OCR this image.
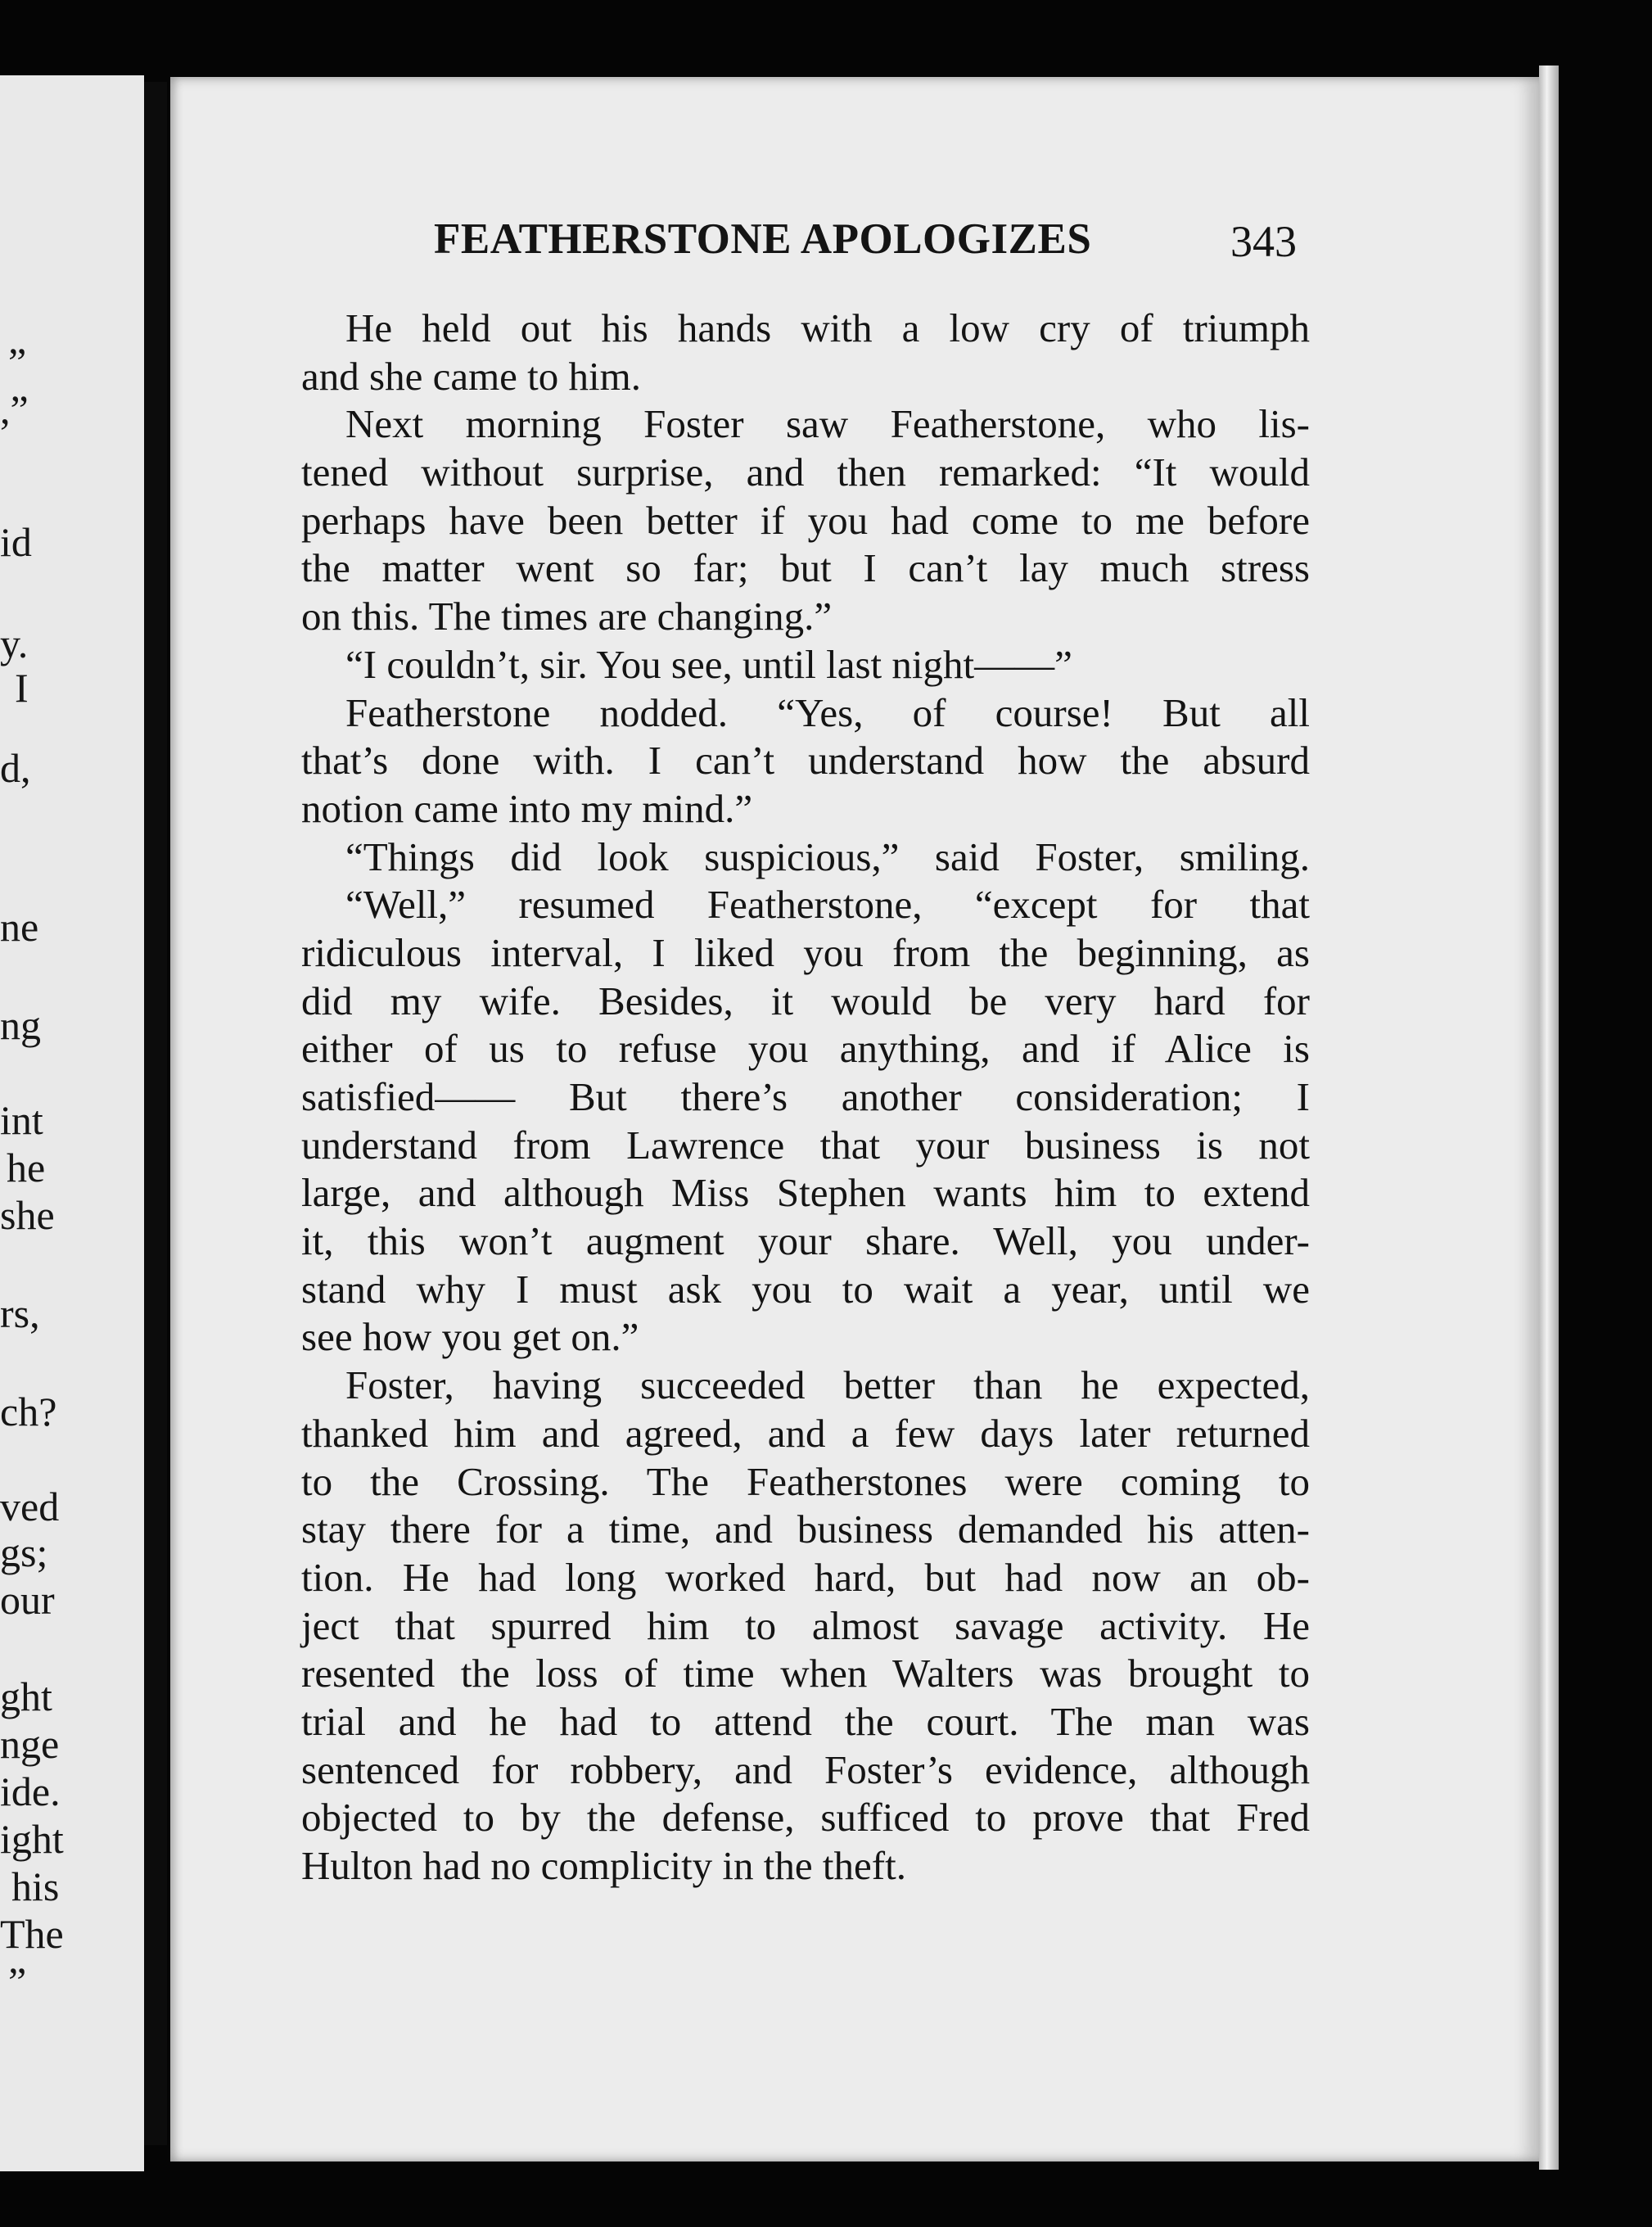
”

,”

id

y.

I

d,

ne

ng

int

he

she

rs,

ch?

ved

gs;

our

ght

nge

ide.

ight

his

The

”

FEATHERSTONE APOLOGIZES	343
He held out his hands with a low cry of triumph
and she came to him.
Next morning Foster saw Featherstone, who lis-
tened without surprise, and then remarked: “It would
perhaps have been better if you had come to me before
the matter went so far; but I can’t lay much stress
on this. The times are changing.”
“I couldn’t, sir. You see, until last night——”
Featherstone nodded. “Yes, of course! But all
that’s done with. I can’t understand how the absurd
notion came into my mind.”
“Things did look suspicious,” said Foster, smiling.
“Well,” resumed Featherstone, “except for that
ridiculous interval, I liked you from the beginning, as
did my wife. Besides, it would be very hard for
either of us to refuse you anything, and if Alice is
satisfied—— But there’s another consideration; I
understand from Lawrence that your business is not
large, and although Miss Stephen wants him to extend
it, this won’t augment your share. Well, you under-
stand why I must ask you to wait a year, until we
see how you get on.”
Foster, having succeeded better than he expected,
thanked him and agreed, and a few days later returned
to the Crossing. The Featherstones were coming to
stay there for a time, and business demanded his atten-
tion. He had long worked hard, but had now an ob-
ject that spurred him to almost savage activity. He
resented the loss of time when Walters was brought to
trial and he had to attend the court. The man was
sentenced for robbery, and Foster’s evidence, although
objected to by the defense, sufficed to prove that Fred
Hulton had no complicity in the theft.
